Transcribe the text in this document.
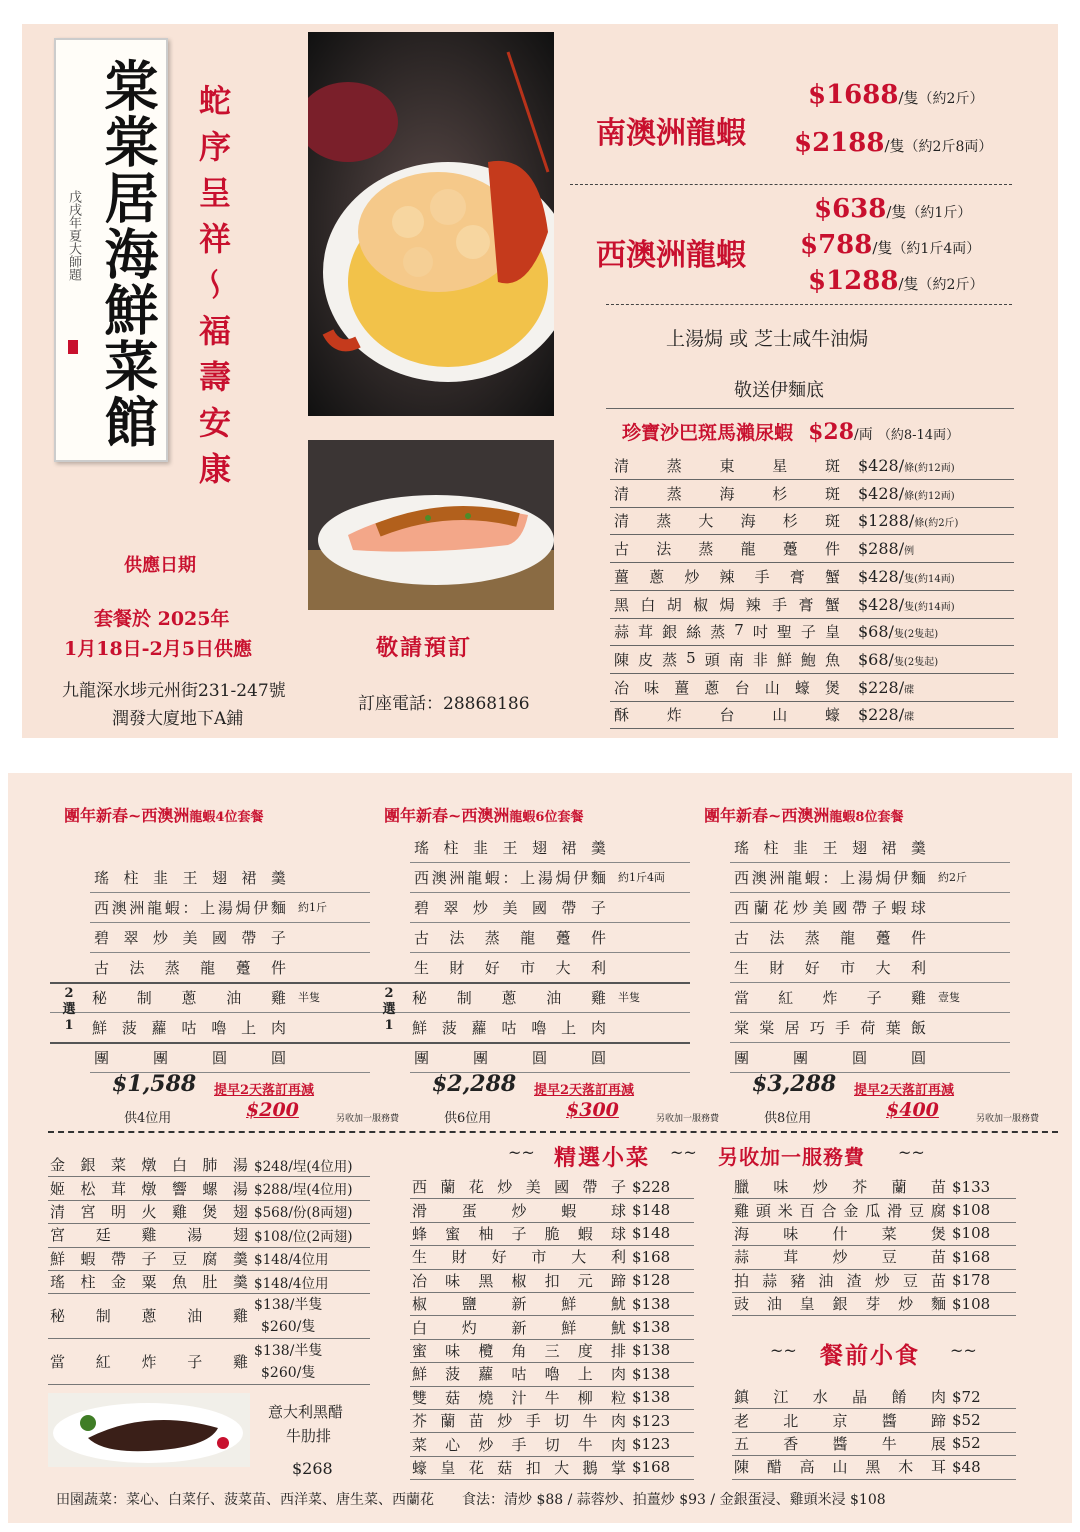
棠棠居海鮮菜館
戊戌年夏大師題	蛇序呈祥～福壽安康
供應日期
套餐於 2025年
1月18日-2月5日供應
九龍深水埗元州街231-247號
潤發大廈地下A鋪
敬請預訂
訂座電話：28868186
南澳洲龍蝦
$1688/隻（約2斤）
$2188/隻（約2斤8両）
西澳洲龍蝦
$638/隻（約1斤）
$788/隻（約1斤4両）
$1288/隻（約2斤）
上湯焗 或 芝士咸牛油焗
敬送伊麵底
珍寶沙巴斑馬瀨尿蝦 $28/両 （約8-14両）
清	蒸	東	星	斑 $428/條(約12両)
清	蒸	海	杉	斑 $428/條(約12両)
清 蒸 大 海 杉 斑 $1288/條(約2斤)
古 法 蒸 龍 躉 件 $288/例
薑 蔥 炒 辣 手 膏 蟹 $428/隻(約14両)
黑 白 胡 椒 焗 辣 手 膏 蟹 $428/隻(約14両)
蒜 茸 銀 絲 蒸 7 吋 聖 子 皇 $68/隻(2隻起)
陳 皮 蒸 5 頭 南 非 鮮 鮑 魚 $68/隻(2隻起)
冶 味 薑 蔥 台 山 蠔 煲 $228/碟
酥	炸	台	山	蠔 $228/碟
團年新春~西澳洲龍蝦4位套餐
瑤 柱 韭 王 翅 裙 羹
西 澳 洲 龍 蝦 ： 上 湯 焗 伊 麵 約1斤
碧 翠 炒 美 國 帶 子
古 法 蒸 龍 躉 件
秘 制 蔥 油 雞 半隻
鮮 菠 蘿 咕 嚕 上 肉
團	團	圓	圓
2
選
1
$1,588 提早2天落訂再減
供4位用	$200	另收加一服務費
團年新春~西澳洲龍蝦6位套餐
瑤 柱 韭 王 翅 裙 羹
西 澳 洲 龍 蝦 ： 上 湯 焗 伊 麵 約1斤4両
碧 翠 炒 美 國 帶 子
古 法 蒸 龍 躉 件
生 財 好 市 大 利
秘 制 蔥 油 雞 半隻
鮮 菠 蘿 咕 嚕 上 肉
團	團	圓	圓
2
選
1
$2,288 提早2天落訂再減
供6位用	$300	另收加一服務費
團年新春~西澳洲龍蝦8位套餐
瑤 柱 韭 王 翅 裙 羹
西 澳 洲 龍 蝦 ： 上 湯 焗 伊 麵 約2斤
西 蘭 花 炒 美 國 帶 子 蝦 球
古 法 蒸 龍 躉 件
生 財 好 市 大 利
當 紅 炸 子 雞 壹隻
棠 棠 居 巧 手 荷 葉 飯
團	團	圓	圓
$3,288 提早2天落訂再減
供8位用	$400	另收加一服務費
金 銀 菜 燉 白 肺 湯 $248/埕(4位用)
姬 松 茸 燉 響 螺 湯 $288/埕(4位用)
清 宮 明 火 雞 煲 翅 $568/份(8両翅)
宮 廷 雞 湯 翅 $108/位(2両翅)
鮮 蝦 帶 子 豆 腐 羹 $148/4位用
瑤 柱 金 粟 魚 肚 羹 $148/4位用
秘 制 蔥 油 雞
$138/半隻
$260/隻
當 紅 炸 子 雞
$138/半隻
$260/隻
意大利黑醋
牛肋排
$268
~~ 精選小菜 ~~ 另收加一服務費 ~~
西 蘭 花 炒 美 國 帶 子 $228
滑 蛋 炒 蝦 球 $148
蜂 蜜 柚 子 脆 蝦 球 $148
生 財 好 市 大 利 $168
冶 味 黑 椒 扣 元 蹄 $128
椒 鹽 新 鮮 魷 $138
白 灼 新 鮮 魷 $138
蜜 味 欖 角 三 度 排 $138
鮮 菠 蘿 咕 嚕 上 肉 $138
雙 菇 燒 汁 牛 柳 粒 $138
芥 蘭 苗 炒 手 切 牛 肉 $123
菜 心 炒 手 切 牛 肉 $123
蠔 皇 花 菇 扣 大 鵝 掌 $168
臘 味 炒 芥 蘭 苗 $133
雞 頭 米 百 合 金 瓜 滑 豆 腐 $108
海 味 什 菜 煲 $108
蒜 茸 炒 豆 苗 $168
拍 蒜 豬 油 渣 炒 豆 苗 $178
豉 油 皇 銀 芽 炒 麵 $108
~~ 餐前小食 ~~
鎮 江 水 晶 餚 肉 $72
老 北 京 醬 蹄 $52
五 香 醬 牛 展 $52
陳 醋 高 山 黑 木 耳 $48
田園蔬菜：菜心、白菜仔、菠菜苗、西洋菜、唐生菜、西蘭花　　食法：清炒 $88 / 蒜蓉炒、拍薑炒 $93 / 金銀蛋浸、雞頭米浸 $108
